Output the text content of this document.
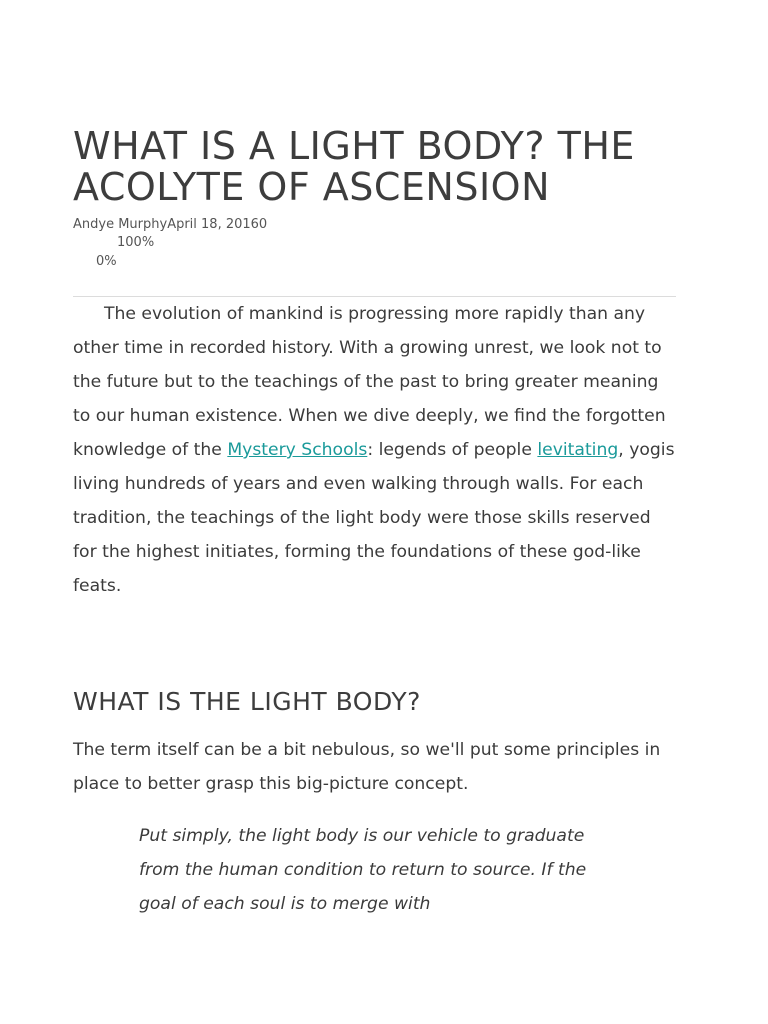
WHAT IS A LIGHT BODY? THE ACOLYTE OF ASCENSION
Andye MurphyApril 18, 20160
100%
0%

The evolution of mankind is progressing more rapidly than any other time in recorded history. With a growing unrest, we look not to the future but to the teachings of the past to bring greater meaning to our human existence. When we dive deeply, we find the forgotten knowledge of the Mystery Schools: legends of people levitating, yogis living hundreds of years and even walking through walls. For each tradition, the teachings of the light body were those skills reserved for the highest initiates, forming the foundations of these god-like feats.

WHAT IS THE LIGHT BODY?

The term itself can be a bit nebulous, so we'll put some principles in place to better grasp this big-picture concept.

Put simply, the light body is our vehicle to graduate from the human condition to return to source. If the goal of each soul is to merge with
